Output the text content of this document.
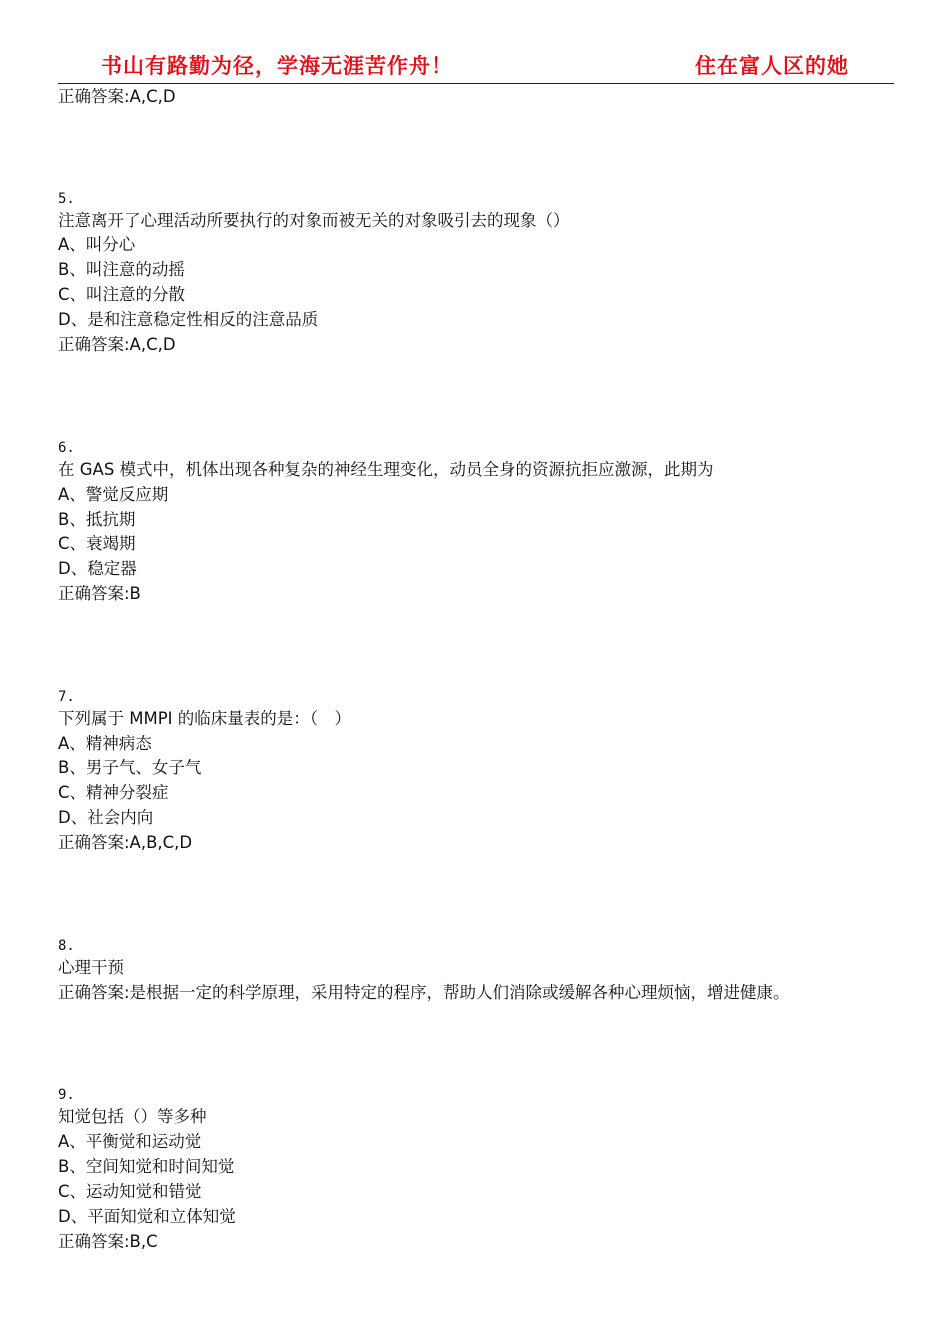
书山有路勤为径，学海无涯苦作舟！	住在富人区的她
正确答案:A,C,D
5.
注意离开了心理活动所要执行的对象而被无关的对象吸引去的现象（）
A、叫分心
B、叫注意的动摇
C、叫注意的分散
D、是和注意稳定性相反的注意品质
正确答案:A,C,D
6.
在 GAS 模式中，机体出现各种复杂的神经生理变化，动员全身的资源抗拒应激源，此期为
A、警觉反应期
B、抵抗期
C、衰竭期
D、稳定器
正确答案:B
7.
下列属于 MMPI 的临床量表的是：（　）
A、精神病态
B、男子气、女子气
C、精神分裂症
D、社会内向
正确答案:A,B,C,D
8.
心理干预
正确答案:是根据一定的科学原理，采用特定的程序，帮助人们消除或缓解各种心理烦恼，增进健康。
9.
知觉包括（）等多种
A、平衡觉和运动觉
B、空间知觉和时间知觉
C、运动知觉和错觉
D、平面知觉和立体知觉
正确答案:B,C
